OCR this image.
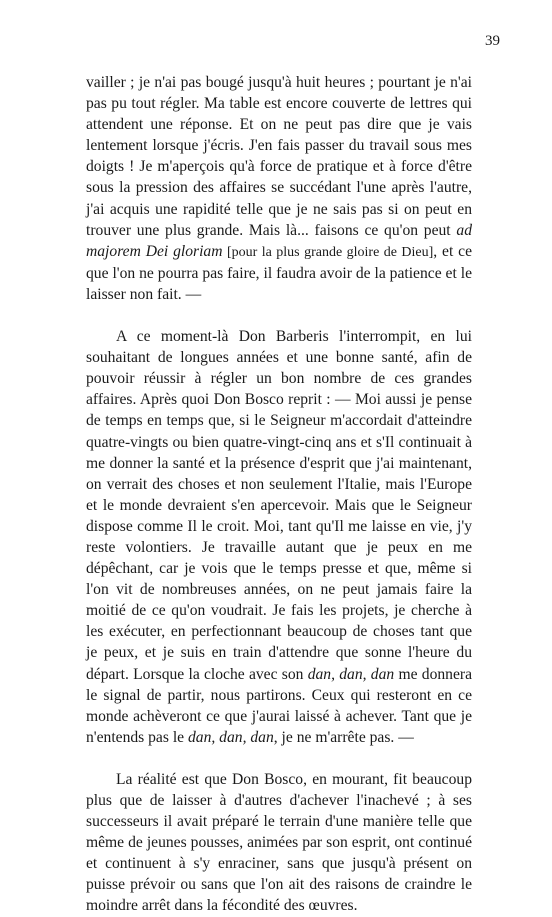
39

vailler ; je n'ai pas bougé jusqu'à huit heures ; pourtant je n'ai pas pu tout régler. Ma table est encore couverte de lettres qui attendent une réponse. Et on ne peut pas dire que je vais lentement lorsque j'écris. J'en fais passer du travail sous mes doigts ! Je m'aperçois qu'à force de pratique et à force d'être sous la pression des affaires se succédant l'une après l'autre, j'ai acquis une rapidité telle que je ne sais pas si on peut en trouver une plus grande. Mais là... faisons ce qu'on peut ad majorem Dei gloriam [pour la plus grande gloire de Dieu], et ce que l'on ne pourra pas faire, il faudra avoir de la patience et le laisser non fait. —

A ce moment-là Don Barberis l'interrompit, en lui souhaitant de longues années et une bonne santé, afin de pouvoir réussir à régler un bon nombre de ces grandes affaires. Après quoi Don Bosco reprit : — Moi aussi je pense de temps en temps que, si le Seigneur m'accordait d'atteindre quatre-vingts ou bien quatre-vingt-cinq ans et s'Il continuait à me donner la santé et la présence d'esprit que j'ai maintenant, on verrait des choses et non seulement l'Italie, mais l'Europe et le monde devraient s'en apercevoir. Mais que le Seigneur dispose comme Il le croit. Moi, tant qu'Il me laisse en vie, j'y reste volontiers. Je travaille autant que je peux en me dépêchant, car je vois que le temps presse et que, même si l'on vit de nombreuses années, on ne peut jamais faire la moitié de ce qu'on voudrait. Je fais les projets, je cherche à les exécuter, en perfectionnant beaucoup de choses tant que je peux, et je suis en train d'attendre que sonne l'heure du départ. Lorsque la cloche avec son dan, dan, dan me donnera le signal de partir, nous partirons. Ceux qui resteront en ce monde achèveront ce que j'aurai laissé à achever. Tant que je n'entends pas le dan, dan, dan, je ne m'arrête pas. —

La réalité est que Don Bosco, en mourant, fit beaucoup plus que de laisser à d'autres d'achever l'inachevé ; à ses successeurs il avait préparé le terrain d'une manière telle que même de jeunes pousses, animées par son esprit, ont continué et continuent à s'y enraciner, sans que jusqu'à présent on puisse prévoir ou sans que l'on ait des raisons de craindre le moindre arrêt dans la fécondité des œuvres.
